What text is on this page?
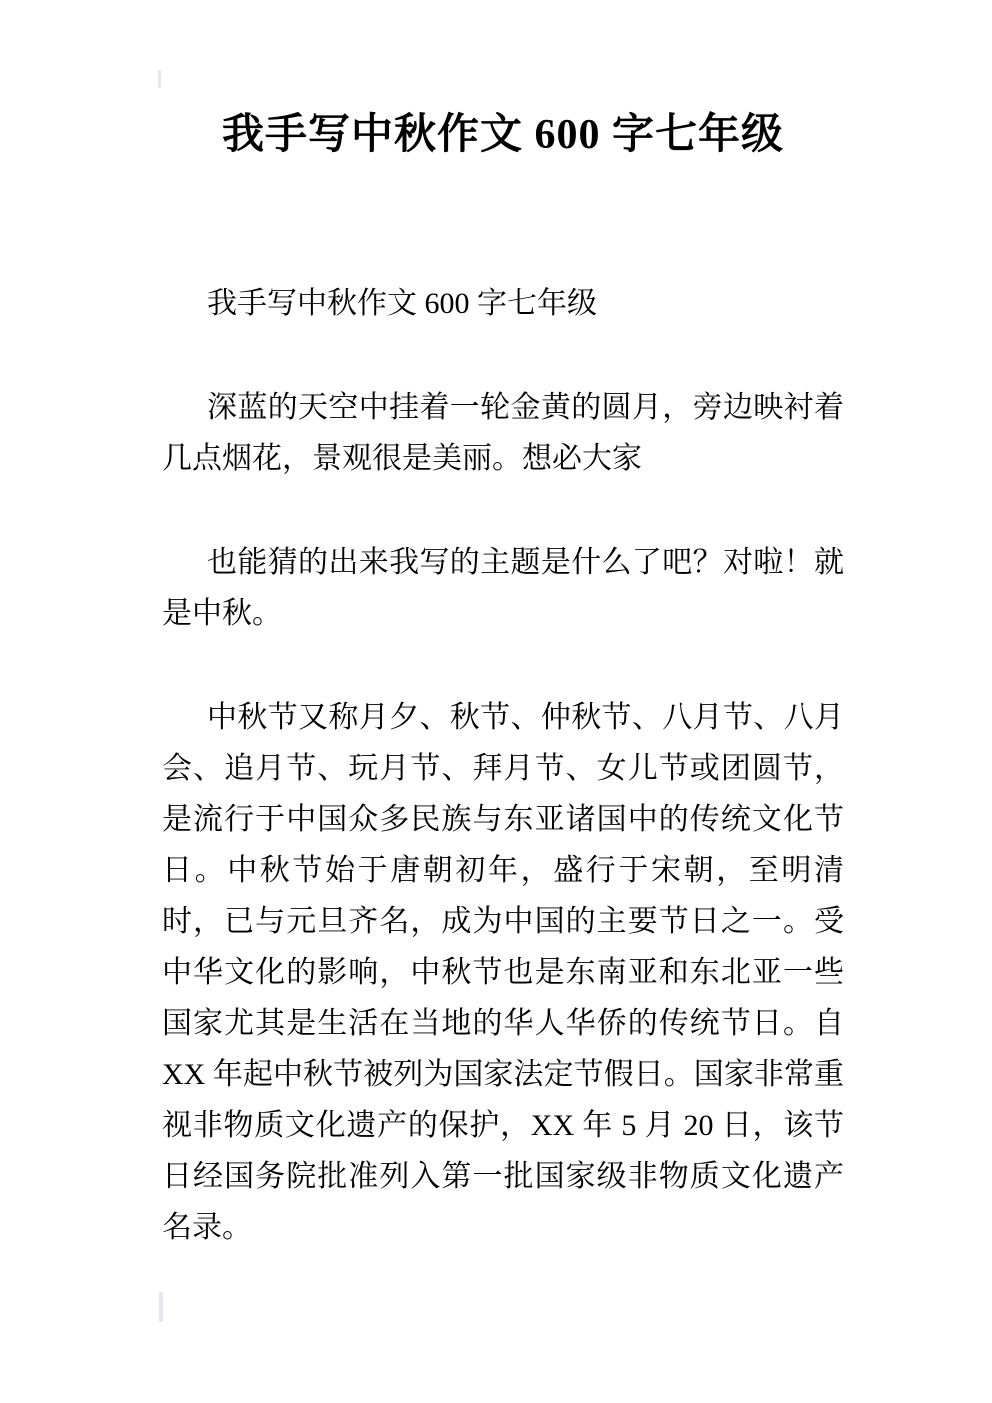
我手写中秋作文 600 字七年级

我手写中秋作文 600 字七年级

深蓝的天空中挂着一轮金黄的圆月，旁边映衬着几点烟花，景观很是美丽。想必大家

也能猜的出来我写的主题是什么了吧？对啦！就是中秋。

中秋节又称月夕、秋节、仲秋节、八月节、八月会、追月节、玩月节、拜月节、女儿节或团圆节，是流行于中国众多民族与东亚诸国中的传统文化节日。中秋节始于唐朝初年，盛行于宋朝，至明清时，已与元旦齐名，成为中国的主要节日之一。受中华文化的影响，中秋节也是东南亚和东北亚一些国家尤其是生活在当地的华人华侨的传统节日。自 XX 年起中秋节被列为国家法定节假日。国家非常重视非物质文化遗产的保护，XX 年 5 月 20 日，该节日经国务院批准列入第一批国家级非物质文化遗产名录。
